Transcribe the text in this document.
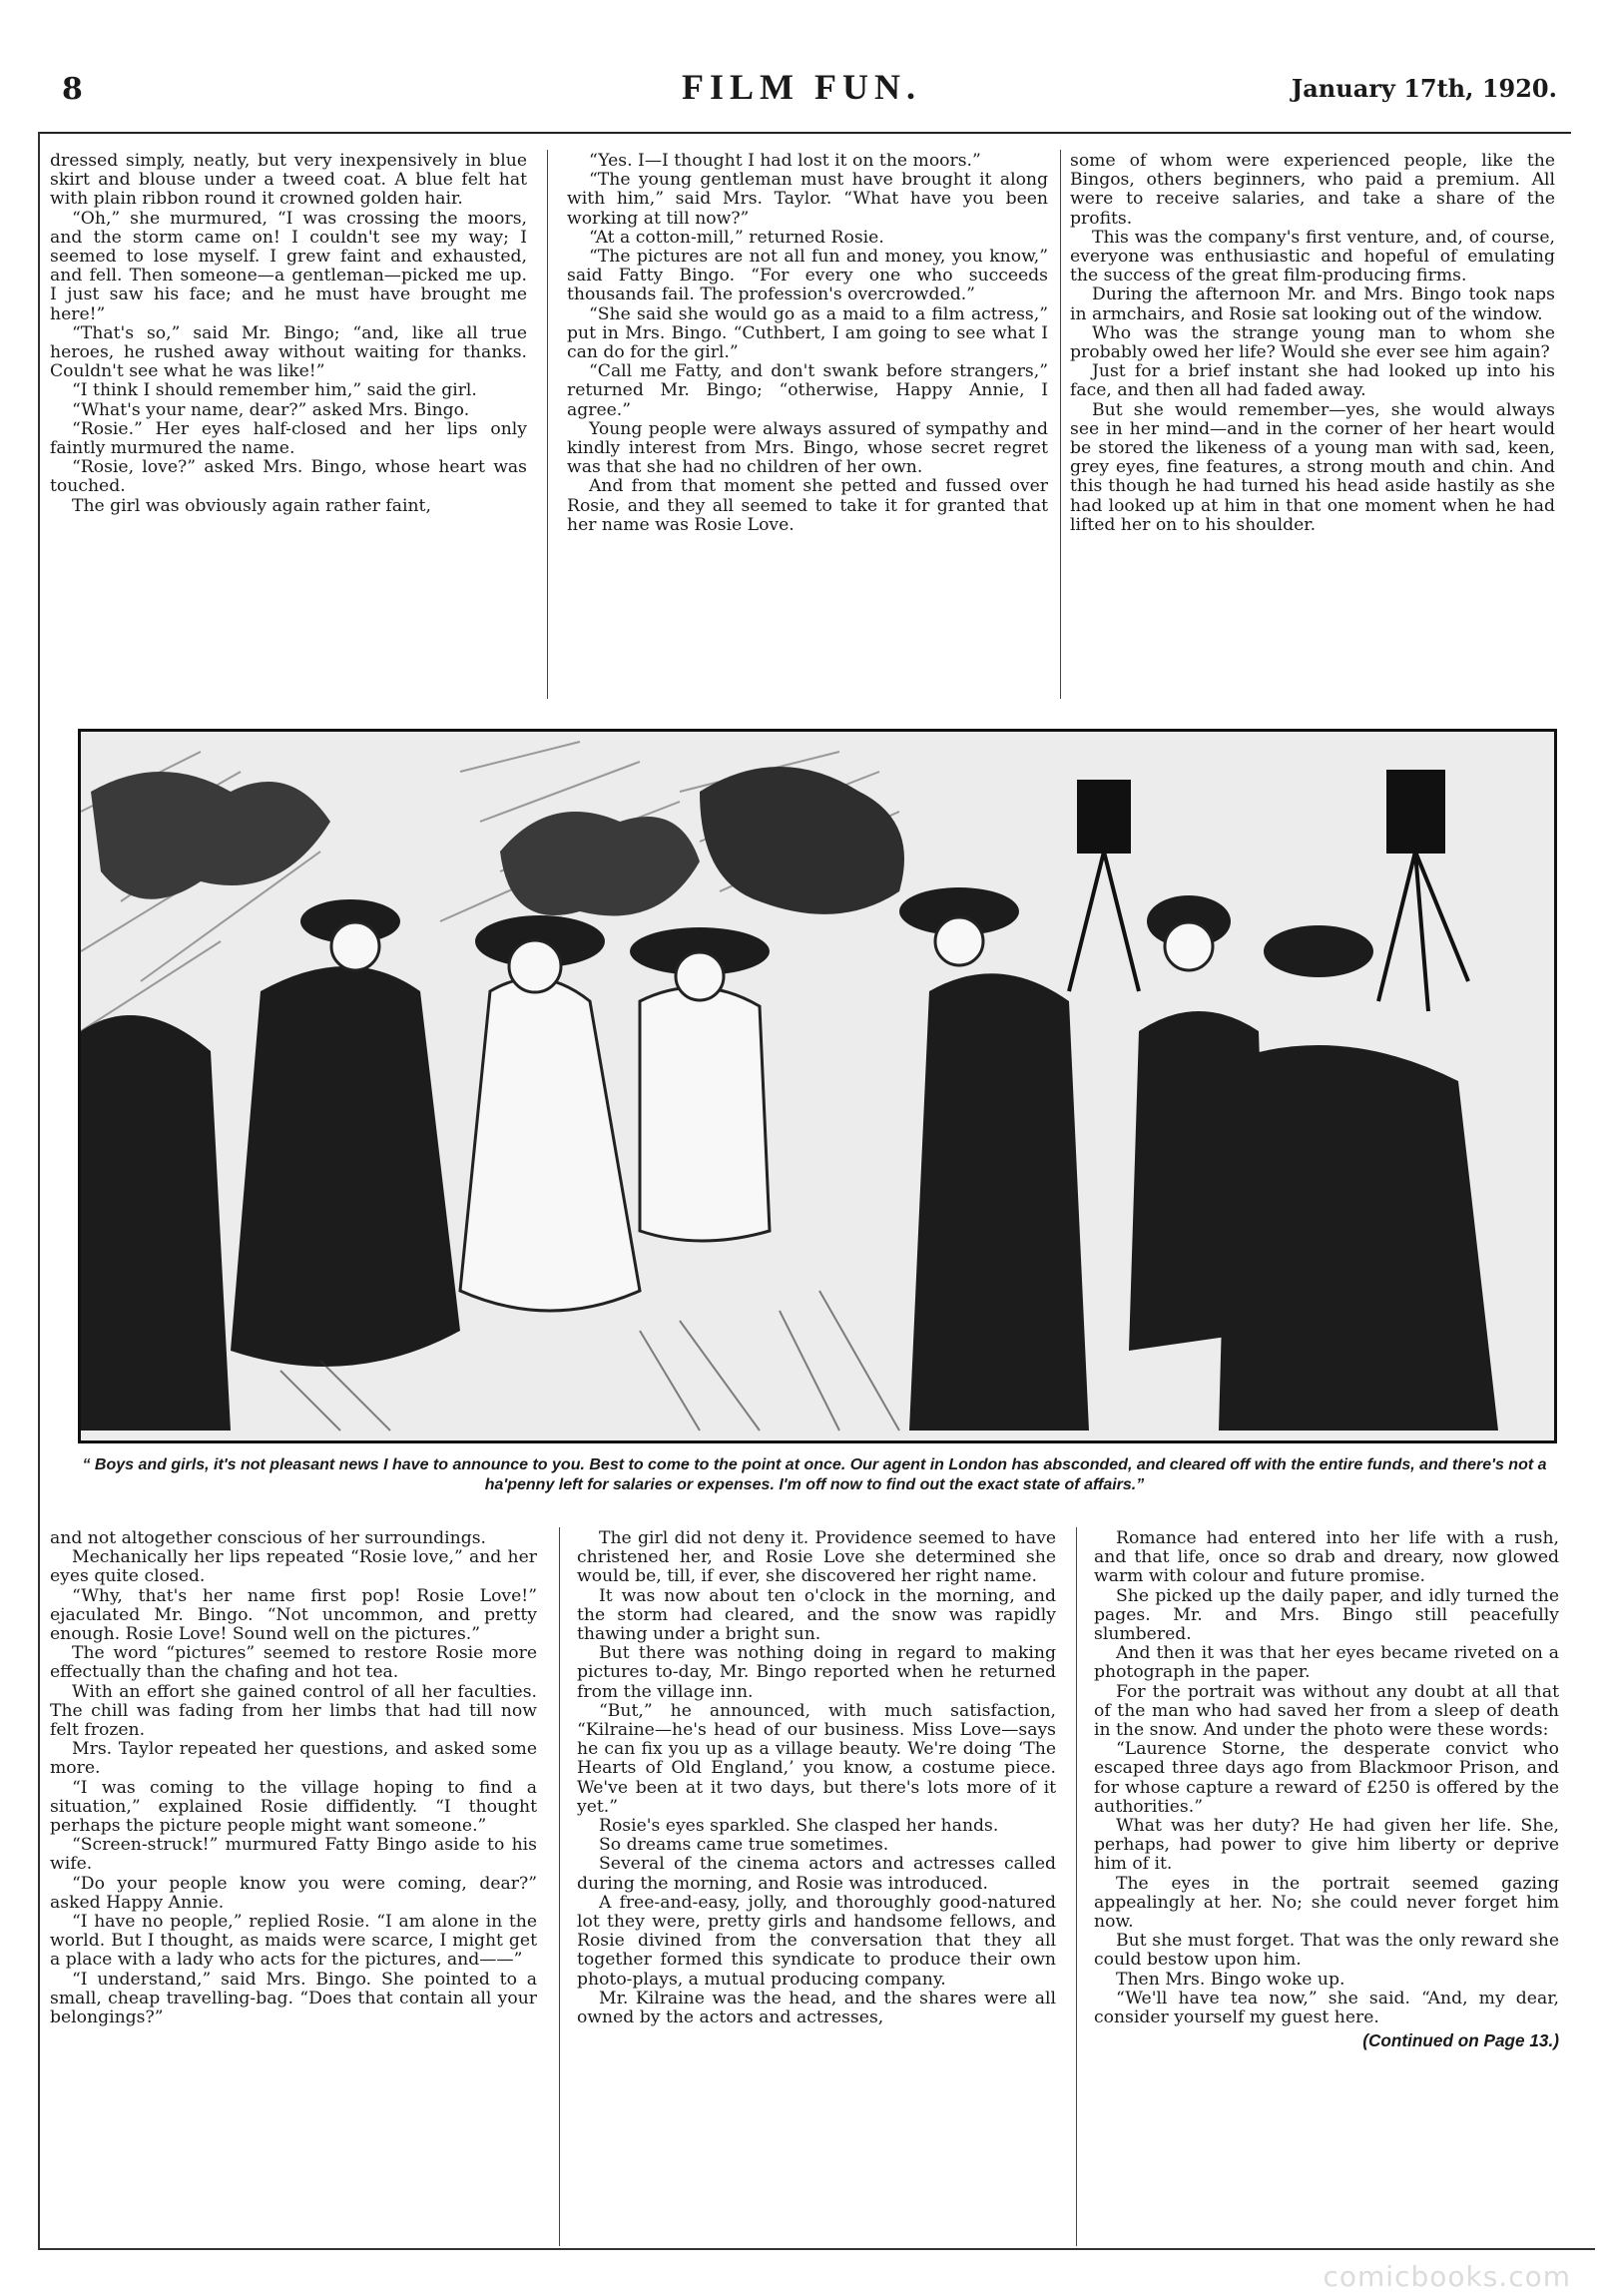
8	FILM FUN.	January 17th, 1920.

dressed simply, neatly, but very inexpensively in blue skirt and blouse under a tweed coat. A blue felt hat with plain ribbon round it crowned golden hair.

“Oh,” she murmured, “I was crossing the moors, and the storm came on! I couldn't see my way; I seemed to lose myself. I grew faint and exhausted, and fell. Then someone—a gentleman—picked me up. I just saw his face; and he must have brought me here!”

“That's so,” said Mr. Bingo; “and, like all true heroes, he rushed away without waiting for thanks. Couldn't see what he was like!”

“I think I should remember him,” said the girl.

“What's your name, dear?” asked Mrs. Bingo.

“Rosie.” Her eyes half-closed and her lips only faintly murmured the name.

“Rosie, love?” asked Mrs. Bingo, whose heart was touched.

The girl was obviously again rather faint,

“Yes. I—I thought I had lost it on the moors.”

“The young gentleman must have brought it along with him,” said Mrs. Taylor. “What have you been working at till now?”

“At a cotton-mill,” returned Rosie.

“The pictures are not all fun and money, you know,” said Fatty Bingo. “For every one who succeeds thousands fail. The profession's overcrowded.”

“She said she would go as a maid to a film actress,” put in Mrs. Bingo. “Cuthbert, I am going to see what I can do for the girl.”

“Call me Fatty, and don't swank before strangers,” returned Mr. Bingo; “otherwise, Happy Annie, I agree.”

Young people were always assured of sympathy and kindly interest from Mrs. Bingo, whose secret regret was that she had no children of her own.

And from that moment she petted and fussed over Rosie, and they all seemed to take it for granted that her name was Rosie Love.

some of whom were experienced people, like the Bingos, others beginners, who paid a premium. All were to receive salaries, and take a share of the profits.

This was the company's first venture, and, of course, everyone was enthusiastic and hopeful of emulating the success of the great film-producing firms.

During the afternoon Mr. and Mrs. Bingo took naps in armchairs, and Rosie sat looking out of the window.

Who was the strange young man to whom she probably owed her life? Would she ever see him again?

Just for a brief instant she had looked up into his face, and then all had faded away.

But she would remember—yes, she would always see in her mind—and in the corner of her heart would be stored the likeness of a young man with sad, keen, grey eyes, fine features, a strong mouth and chin. And this though he had turned his head aside hastily as she had looked up at him in that one moment when he had lifted her on to his shoulder.

“ Boys and girls, it's not pleasant news I have to announce to you. Best to come to the point at once. Our agent in London has absconded, and cleared off with the entire funds, and there's not a ha'penny left for salaries or expenses. I'm off now to find out the exact state of affairs.”

and not altogether conscious of her surroundings.

Mechanically her lips repeated “Rosie love,” and her eyes quite closed.

“Why, that's her name first pop! Rosie Love!” ejaculated Mr. Bingo. “Not uncommon, and pretty enough. Rosie Love! Sound well on the pictures.”

The word “pictures” seemed to restore Rosie more effectually than the chafing and hot tea.

With an effort she gained control of all her faculties. The chill was fading from her limbs that had till now felt frozen.

Mrs. Taylor repeated her questions, and asked some more.

“I was coming to the village hoping to find a situation,” explained Rosie diffidently. “I thought perhaps the picture people might want someone.”

“Screen-struck!” murmured Fatty Bingo aside to his wife.

“Do your people know you were coming, dear?” asked Happy Annie.

“I have no people,” replied Rosie. “I am alone in the world. But I thought, as maids were scarce, I might get a place with a lady who acts for the pictures, and——”

“I understand,” said Mrs. Bingo. She pointed to a small, cheap travelling-bag. “Does that contain all your belongings?”

The girl did not deny it. Providence seemed to have christened her, and Rosie Love she determined she would be, till, if ever, she discovered her right name.

It was now about ten o'clock in the morning, and the storm had cleared, and the snow was rapidly thawing under a bright sun.

But there was nothing doing in regard to making pictures to-day, Mr. Bingo reported when he returned from the village inn.

“But,” he announced, with much satisfaction, “Kilraine—he's head of our business. Miss Love—says he can fix you up as a village beauty. We're doing ‘The Hearts of Old England,’ you know, a costume piece. We've been at it two days, but there's lots more of it yet.”

Rosie's eyes sparkled. She clasped her hands.

So dreams came true sometimes.

Several of the cinema actors and actresses called during the morning, and Rosie was introduced.

A free-and-easy, jolly, and thoroughly good-natured lot they were, pretty girls and handsome fellows, and Rosie divined from the conversation that they all together formed this syndicate to produce their own photo-plays, a mutual producing company.

Mr. Kilraine was the head, and the shares were all owned by the actors and actresses,

Romance had entered into her life with a rush, and that life, once so drab and dreary, now glowed warm with colour and future promise.

She picked up the daily paper, and idly turned the pages. Mr. and Mrs. Bingo still peacefully slumbered.

And then it was that her eyes became riveted on a photograph in the paper.

For the portrait was without any doubt at all that of the man who had saved her from a sleep of death in the snow. And under the photo were these words:

“Laurence Storne, the desperate convict who escaped three days ago from Blackmoor Prison, and for whose capture a reward of £250 is offered by the authorities.”

What was her duty? He had given her life. She, perhaps, had power to give him liberty or deprive him of it.

The eyes in the portrait seemed gazing appealingly at her. No; she could never forget him now.

But she must forget. That was the only reward she could bestow upon him.

Then Mrs. Bingo woke up.

“We'll have tea now,” she said. “And, my dear, consider yourself my guest here.

(Continued on Page 13.)
comicbooks.com
